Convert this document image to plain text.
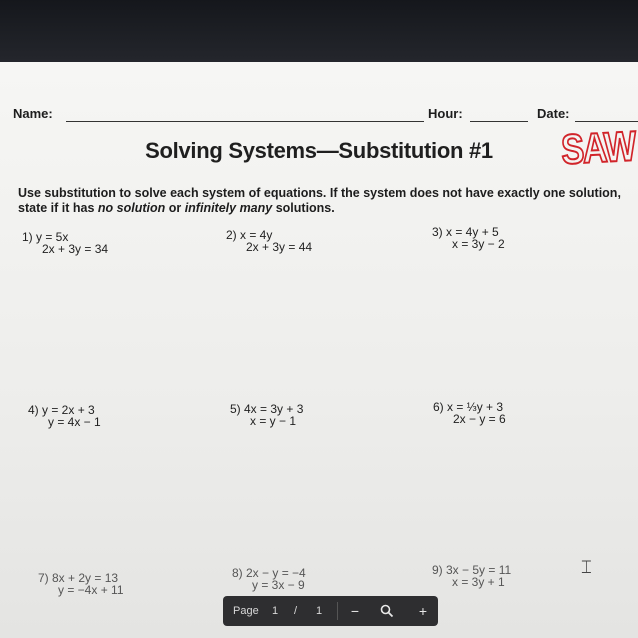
Name:	Hour:	Date:
Solving Systems—Substitution #1	SAW
Use substitution to solve each system of equations. If the system does not have exactly one solution, state if it has no solution or infinitely many solutions.
1) y = 5x
2x + 3y = 34
2) x = 4y
2x + 3y = 44
3) x = 4y + 5
x = 3y − 2
4) y = 2x + 3
y = 4x − 1
5) 4x = 3y + 3
x = y − 1
6) x = ⅓y + 3
2x − y = 6
7) 8x + 2y = 13
y = −4x + 11
8) 2x − y = −4
y = 3x − 9
9) 3x − 5y = 11
x = 3y + 1
⌶
Page 1 / 1	−	+
